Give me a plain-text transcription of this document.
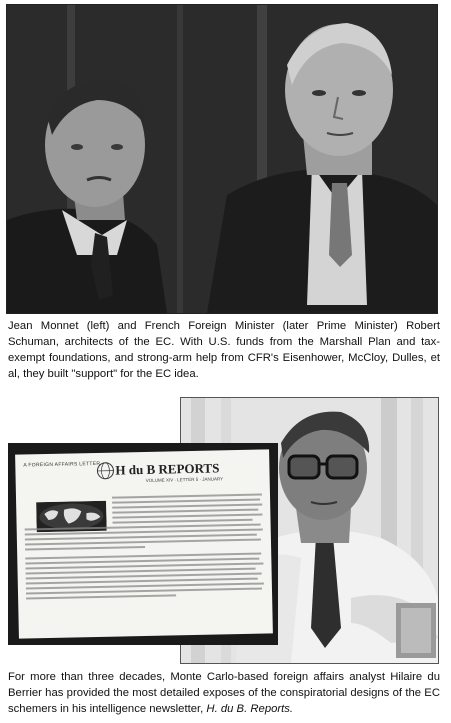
Jean Monnet (left) and French Foreign Minister (later Prime Minister) Robert Schuman, architects of the EC. With U.S. funds from the Marshall Plan and tax-exempt foundations, and strong-arm help from CFR's Eisenhower, McCloy, Dulles, et al, they built "support" for the EC idea.
A FOREIGN AFFAIRS LETTER H du B REPORTS
VOLUME XIV · LETTER 5 · JANUARY
For more than three decades, Monte Carlo-based foreign affairs analyst Hilaire du Berrier has provided the most detailed exposes of the conspiratorial designs of the EC schemers in his intelligence newsletter, H. du B. Reports.
